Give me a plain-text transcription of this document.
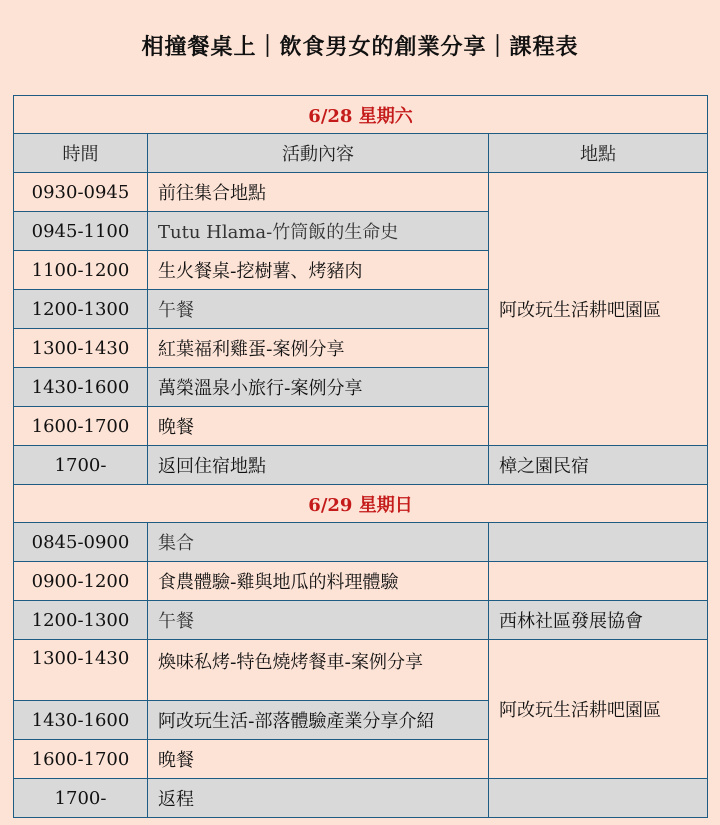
相撞餐桌上｜飲食男女的創業分享｜課程表
6/28 星期六		
時間	活動內容	地點
0930-0945	前往集合地點	阿改玩生活耕吧園區
0945-1100	Tutu Hlama-竹筒飯的生命史	
1100-1200	生火餐桌-挖樹薯、烤豬肉	
1200-1300	午餐	
1300-1430	紅葉福利雞蛋-案例分享	
1430-1600	萬榮溫泉小旅行-案例分享	
1600-1700	晚餐	
1700-	返回住宿地點	樟之園民宿
6/29 星期日		
0845-0900	集合	
0900-1200	食農體驗-雞與地瓜的料理體驗	
1200-1300	午餐	西林社區發展協會
1300-1430	煥味私烤-特色燒烤餐車-案例分享	阿改玩生活耕吧園區
1430-1600	阿改玩生活-部落體驗產業分享介紹	
1600-1700	晚餐	
1700-	返程	
